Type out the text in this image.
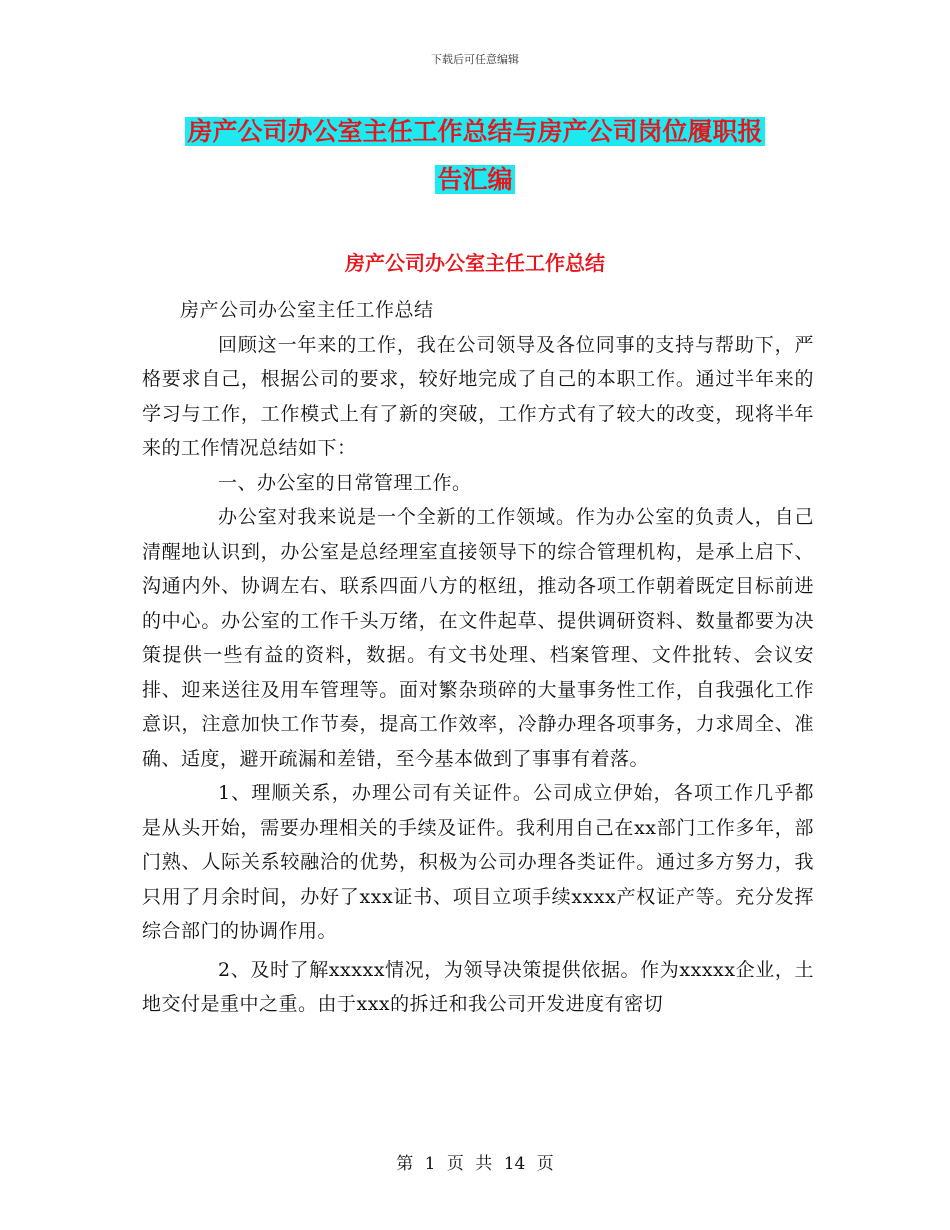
下载后可任意编辑

房产公司办公室主任工作总结与房产公司岗位履职报
告汇编
房产公司办公室主任工作总结

房产公司办公室主任工作总结

回顾这一年来的工作，我在公司领导及各位同事的支持与帮助下，严格要求自己，根据公司的要求，较好地完成了自己的本职工作。通过半年来的学习与工作，工作模式上有了新的突破，工作方式有了较大的改变，现将半年来的工作情况总结如下：

一、办公室的日常管理工作。

办公室对我来说是一个全新的工作领域。作为办公室的负责人，自己清醒地认识到，办公室是总经理室直接领导下的综合管理机构，是承上启下、沟通内外、协调左右、联系四面八方的枢纽，推动各项工作朝着既定目标前进的中心。办公室的工作千头万绪，在文件起草、提供调研资料、数量都要为决策提供一些有益的资料，数据。有文书处理、档案管理、文件批转、会议安排、迎来送往及用车管理等。面对繁杂琐碎的大量事务性工作，自我强化工作意识，注意加快工作节奏，提高工作效率，冷静办理各项事务，力求周全、准确、适度，避开疏漏和差错，至今基本做到了事事有着落。

1、理顺关系，办理公司有关证件。公司成立伊始，各项工作几乎都是从头开始，需要办理相关的手续及证件。我利用自己在xx部门工作多年，部门熟、人际关系较融洽的优势，积极为公司办理各类证件。通过多方努力，我只用了月余时间，办好了xxx证书、项目立项手续xxxx产权证产等。充分发挥综合部门的协调作用。

2、及时了解xxxxx情况，为领导决策提供依据。作为xxxxx企业，土地交付是重中之重。由于xxx的拆迁和我公司开发进度有密切

第 1 页 共 14 页
